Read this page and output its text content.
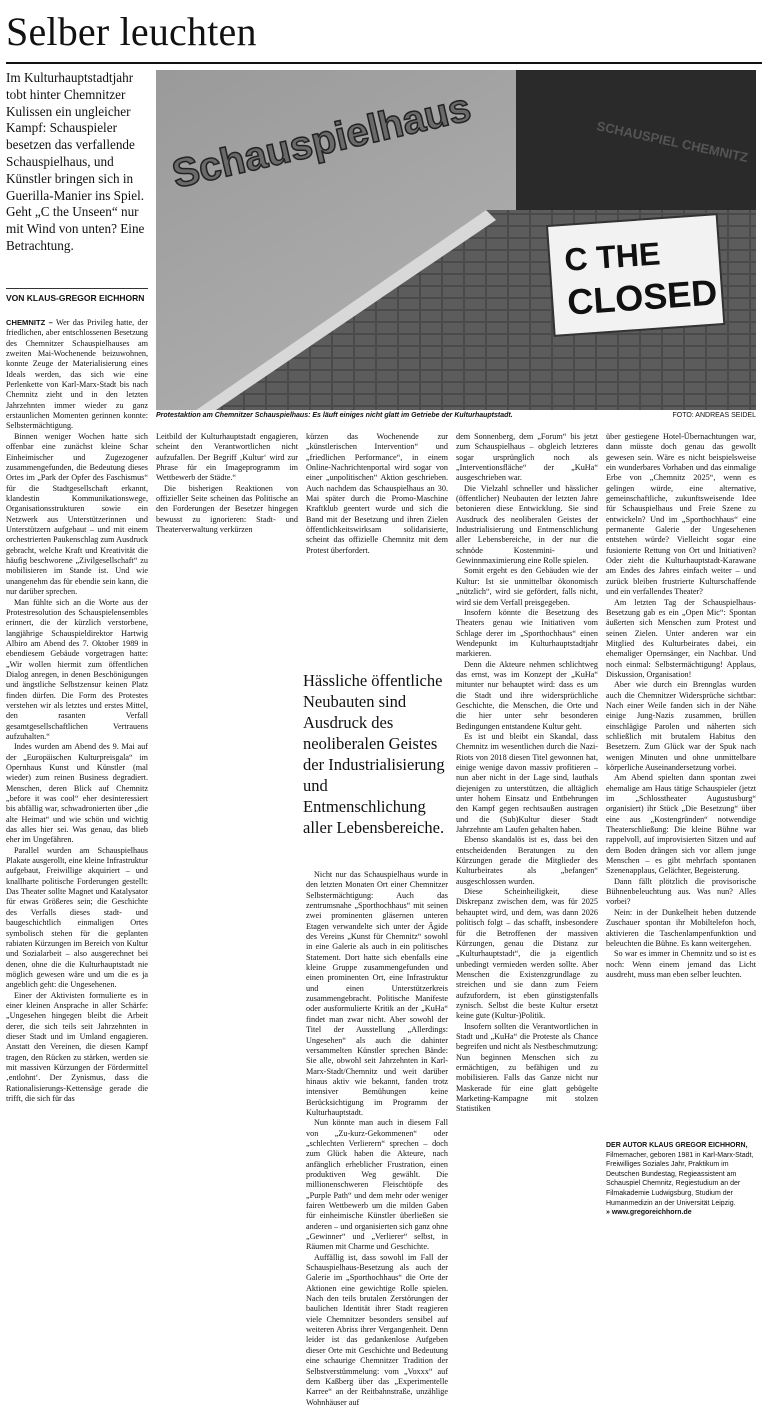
Selber leuchten
Im Kulturhauptstadtjahr tobt hinter Chemnitzer Kulissen ein ungleicher Kampf: Schauspieler besetzen das verfallende Schauspielhaus, und Künstler bringen sich in Guerilla-Manier ins Spiel. Geht „C the Unseen“ nur mit Wind von unten? Eine Betrachtung.
VON KLAUS-GREGOR EICHHORN
Schauspielhaus	SCHAUSPIEL CHEMNITZ
C THE
CLOSED
Protestaktion am Chemnitzer Schauspielhaus: Es läuft einiges nicht glatt im Getriebe der Kulturhauptstadt.	FOTO: ANDREAS SEIDEL

CHEMNITZ – Wer das Privileg hatte, der friedlichen, aber entschlossenen Besetzung des Chemnitzer Schauspielhauses am zweiten Mai-Wochenende beizuwohnen, konnte Zeuge der Materialisierung eines Ideals werden, das sich wie eine Perlenkette von Karl-Marx-Stadt bis nach Chemnitz zieht und in den letzten Jahrzehnten immer wieder zu ganz erstaunlichen Momenten gerinnen konnte: Selbstermächtigung.

Binnen weniger Wochen hatte sich offenbar eine zunächst kleine Schar Einheimischer und Zugezogener zusammengefunden, die Bedeutung dieses Ortes im „Park der Opfer des Faschismus“ für die Stadtgesellschaft erkannt, klandestin Kommunikationswege, Organisationsstrukturen sowie ein Netzwerk aus Unterstützerinnen und Unterstützern aufgebaut – und mit einem orchestrierten Paukenschlag zum Ausdruck gebracht, welche Kraft und Kreativität die häufig beschworene „Zivilgesellschaft“ zu mobilisieren im Stande ist. Und wie unangenehm das für ebendie sein kann, die nur darüber sprechen.

Man fühlte sich an die Worte aus der Protestresolution des Schauspielensembles erinnert, die der kürzlich verstorbene, langjährige Schauspieldirektor Hartwig Albiro am Abend des 7. Oktober 1989 in ebendiesem Gebäude vorgetragen hatte: „Wir wollen hiermit zum öffentlichen Dialog anregen, in denen Beschönigungen und ängstliche Selbstzensur keinen Platz finden dürfen. Die Form des Protestes verstehen wir als letztes und erstes Mittel, den rasanten Verfall gesamtgesellschaftlichen Vertrauens aufzuhalten.“

Indes wurden am Abend des 9. Mai auf der „Europäischen Kulturpreisgala“ im Opernhaus Kunst und Künstler (mal wieder) zum reinen Business degradiert. Menschen, deren Blick auf Chemnitz „before it was cool“ eher desinteressiert bis abfällig war, schwadronierten über „die alte Heimat“ und wie schön und wichtig das alles hier sei. Was genau, das blieb eher im Ungefähren.

Parallel wurden am Schauspielhaus Plakate ausgerollt, eine kleine Infrastruktur aufgebaut, Freiwillige akquiriert – und knallharte politische Forderungen gestellt: Das Theater sollte Magnet und Katalysator für etwas Größeres sein; die Geschichte des Verfalls dieses stadt- und baugeschichtlich einmaligen Ortes symbolisch stehen für die geplanten rabiaten Kürzungen im Bereich von Kultur und Sozialarbeit – also ausgerechnet bei denen, ohne die die Kulturhauptstadt nie möglich gewesen wäre und um die es ja angeblich geht: die Ungesehenen.

Einer der Aktivisten formulierte es in einer kleinen Ansprache in aller Schärfe: „Ungesehen hingegen bleibt die Arbeit derer, die sich teils seit Jahrzehnten in dieser Stadt und im Umland engagieren. Anstatt den Vereinen, die diesen Kampf tragen, den Rücken zu stärken, werden sie mit massiven Kürzungen der Fördermittel ‚entlohnt‘. Der Zynismus, dass die Rationalisierungs-Kettensäge gerade die trifft, die sich für das

Leitbild der Kulturhauptstadt engagieren, scheint den Verantwortlichen nicht aufzufallen. Der Begriff ‚Kultur‘ wird zur Phrase für ein Imageprogramm im Wettbewerb der Städte.“

Die bisherigen Reaktionen von offizieller Seite scheinen das Politische an den Forderungen der Besetzer hingegen bewusst zu ignorieren: Stadt- und Theaterverwaltung verkürzen

kürzen das Wochenende zur „künstlerischen Intervention“ und „friedlichen Performance“, in einem Online-Nachrichtenportal wird sogar von einer „unpolitischen“ Aktion geschrieben. Auch nachdem das Schauspielhaus an 30. Mai später durch die Promo-Maschine Kraftklub geentert wurde und sich die Band mit der Besetzung und ihren Zielen öffentlichkeitswirksam solidarisierte, scheint das offizielle Chemnitz mit dem Protest überfordert.

Hässliche öffentliche Neubauten sind Ausdruck des neoliberalen Geistes der Industrialisierung und Entmenschlichung aller Lebensbereiche.

Nicht nur das Schauspielhaus wurde in den letzten Monaten Ort einer Chemnitzer Selbstermächtigung: Auch das zentrumsnahe „Sporthochhaus“ mit seinen zwei prominenten gläsernen unteren Etagen verwandelte sich unter der Ägide des Vereins „Kunst für Chemnitz“ sowohl in eine Galerie als auch in ein politisches Statement. Dort hatte sich ebenfalls eine kleine Gruppe zusammengefunden und einen prominenten Ort, eine Infrastruktur und einen Unterstützerkreis zusammengebracht. Politische Manifeste oder ausformulierte Kritik an der „KuHa“ findet man zwar nicht. Aber sowohl der Titel der Ausstellung „Allerdings: Ungesehen“ als auch die dahinter versammelten Künstler sprechen Bände: Sie alle, obwohl seit Jahrzehnten in Karl-Marx-Stadt/Chemnitz und weit darüber hinaus aktiv wie bekannt, fanden trotz intensiver Bemühungen keine Berücksichtigung im Programm der Kulturhauptstadt.

Nun könnte man auch in diesem Fall von „Zu-kurz-Gekommenen“ oder „schlechten Verlierern“ sprechen – doch zum Glück haben die Akteure, nach anfänglich erheblicher Frustration, einen produktiven Weg gewählt. Die millionenschweren Fleischtöpfe des „Purple Path“ und dem mehr oder weniger fairen Wettbewerb um die milden Gaben für einheimische Künstler überließen sie anderen – und organisierten sich ganz ohne „Gewinner“ und „Verlierer“ selbst, in Räumen mit Charme und Geschichte.

Auffällig ist, dass sowohl im Fall der Schauspielhaus-Besetzung als auch der Galerie im „Sporthochhaus“ die Orte der Aktionen eine gewichtige Rolle spielen. Nach den teils brutalen Zerstörungen der baulichen Identität ihrer Stadt reagieren viele Chemnitzer besonders sensibel auf weiteren Abriss ihrer Vergangenheit. Denn leider ist das gedankenlose Aufgeben dieser Orte mit Geschichte und Bedeutung eine schaurige Chemnitzer Tradition der Selbstverstümmelung: vom „Voxxx“ auf dem Kaßberg über das „Experimentelle Karree“ an der Reitbahnstraße, unzählige Wohnhäuser auf

dem Sonnenberg, dem „Forum“ bis jetzt zum Schauspielhaus – obgleich letzteres sogar ursprünglich noch als „Interventionsfläche“ der „KuHa“ ausgeschrieben war.

Die Vielzahl schneller und hässlicher (öffentlicher) Neubauten der letzten Jahre betonieren diese Entwicklung. Sie sind Ausdruck des neoliberalen Geistes der Industrialisierung und Entmenschlichung aller Lebensbereiche, in der nur die schnöde Kostenmini- und Gewinnmaximierung eine Rolle spielen.

Somit ergeht es den Gebäuden wie der Kultur: Ist sie unmittelbar ökonomisch „nützlich“, wird sie gefördert, falls nicht, wird sie dem Verfall preisgegeben.

Insofern könnte die Besetzung des Theaters genau wie Initiativen vom Schlage derer im „Sporthochhaus“ einen Wendepunkt im Kulturhauptstadtjahr markieren.

Denn die Akteure nehmen schlichtweg das ernst, was im Konzept der „KuHa“ mitunter nur behauptet wird: dass es um die Stadt und ihre widersprüchliche Geschichte, die Menschen, die Orte und die hier unter sehr besonderen Bedingungen entstandene Kultur geht.

Es ist und bleibt ein Skandal, dass Chemnitz im wesentlichen durch die Nazi-Riots von 2018 diesen Titel gewonnen hat, einige wenige davon massiv profitieren – nun aber nicht in der Lage sind, lauthals diejenigen zu unterstützen, die alltäglich unter hohem Einsatz und Entbehrungen den Kampf gegen rechtsaußen austragen und die (Sub)Kultur dieser Stadt Jahrzehnte am Laufen gehalten haben.

Ebenso skandalös ist es, dass bei den entscheidenden Beratungen zu den Kürzungen gerade die Mitglieder des Kulturbeirates als „befangen“ ausgeschlossen wurden.

Diese Scheinheiligkeit, diese Diskrepanz zwischen dem, was für 2025 behauptet wird, und dem, was dann 2026 politisch folgt – das schafft, insbesondere für die Betroffenen der massiven Kürzungen, genau die Distanz zur „Kulturhauptstadt“, die ja eigentlich unbedingt vermieden werden sollte. Aber Menschen die Existenzgrundlage zu streichen und sie dann zum Feiern aufzufordern, ist eben günstigstenfalls zynisch. Selbst die beste Kultur ersetzt keine gute (Kultur-)Politik.

Insofern sollten die Verantwortlichen in Stadt und „KuHa“ die Proteste als Chance begreifen und nicht als Nestbeschmutzung: Nun beginnen Menschen sich zu ermächtigen, zu befähigen und zu mobilisieren. Falls das Ganze nicht nur Maskerade für eine glatt gebügelte Marketing-Kampagne mit stolzen Statistiken

über gestiegene Hotel-Übernachtungen war, dann müsste doch genau das gewollt gewesen sein. Wäre es nicht beispielsweise ein wunderbares Vorhaben und das einmalige Erbe von „Chemnitz 2025“, wenn es gelingen würde, eine alternative, gemeinschaftliche, zukunftsweisende Idee für Schauspielhaus und Freie Szene zu entwickeln? Und im „Sporthochhaus“ eine permanente Galerie der Ungesehenen entstehen würde? Vielleicht sogar eine fusionierte Rettung von Ort und Initiativen? Oder zieht die Kulturhauptstadt-Karawane am Endes des Jahres einfach weiter – und zurück bleiben frustrierte Kulturschaffende und ein verfallendes Theater?

Am letzten Tag der Schauspielhaus-Besetzung gab es ein „Open Mic“: Spontan äußerten sich Menschen zum Protest und seinen Zielen. Unter anderen war ein Mitglied des Kulturbeirates dabei, ein ehemaliger Opernsänger, ein Nachbar. Und noch einmal: Selbstermächtigung! Applaus, Diskussion, Organisation!

Aber wie durch ein Brennglas wurden auch die Chemnitzer Widersprüche sichtbar: Nach einer Weile fanden sich in der Nähe einige Jung-Nazis zusammen, brüllen einschlägige Parolen und näherten sich schließlich mit brutalem Habitus den Besetzern. Zum Glück war der Spuk nach wenigen Minuten und ohne unmittelbare körperliche Auseinandersetzung vorbei.

Am Abend spielten dann spontan zwei ehemalige am Haus tätige Schauspieler (jetzt im „Schlosstheater Augustusburg“ organisiert) ihr Stück „Die Besetzung“ über eine aus „Kostengründen“ notwendige Theaterschließung: Die kleine Bühne war rappelvoll, auf improvisierten Sitzen und auf dem Boden drängen sich vor allem junge Menschen – es gibt mehrfach spontanen Szenenapplaus, Gelächter, Begeisterung.

Dann fällt plötzlich die provisorische Bühnenbeleuchtung aus. Was nun? Alles vorbei?

Nein: in der Dunkelheit heben dutzende Zuschauer spontan ihr Mobiltelefon hoch, aktivieren die Taschenlampenfunktion und beleuchten die Bühne. Es kann weitergehen.

So war es immer in Chemnitz und so ist es noch: Wenn einem jemand das Licht ausdreht, muss man eben selber leuchten.

DER AUTOR KLAUS GREGOR EICHHORN, Filmemacher, geboren 1981 in Karl-Marx-Stadt, Freiwilliges Soziales Jahr, Praktikum im Deutschen Bundestag, Regieassistent am Schauspiel Chemnitz, Regiestudium an der Filmakademie Ludwigsburg, Studium der Humanmedizin an der Universität Leipzig.
» www.gregoreichhorn.de
